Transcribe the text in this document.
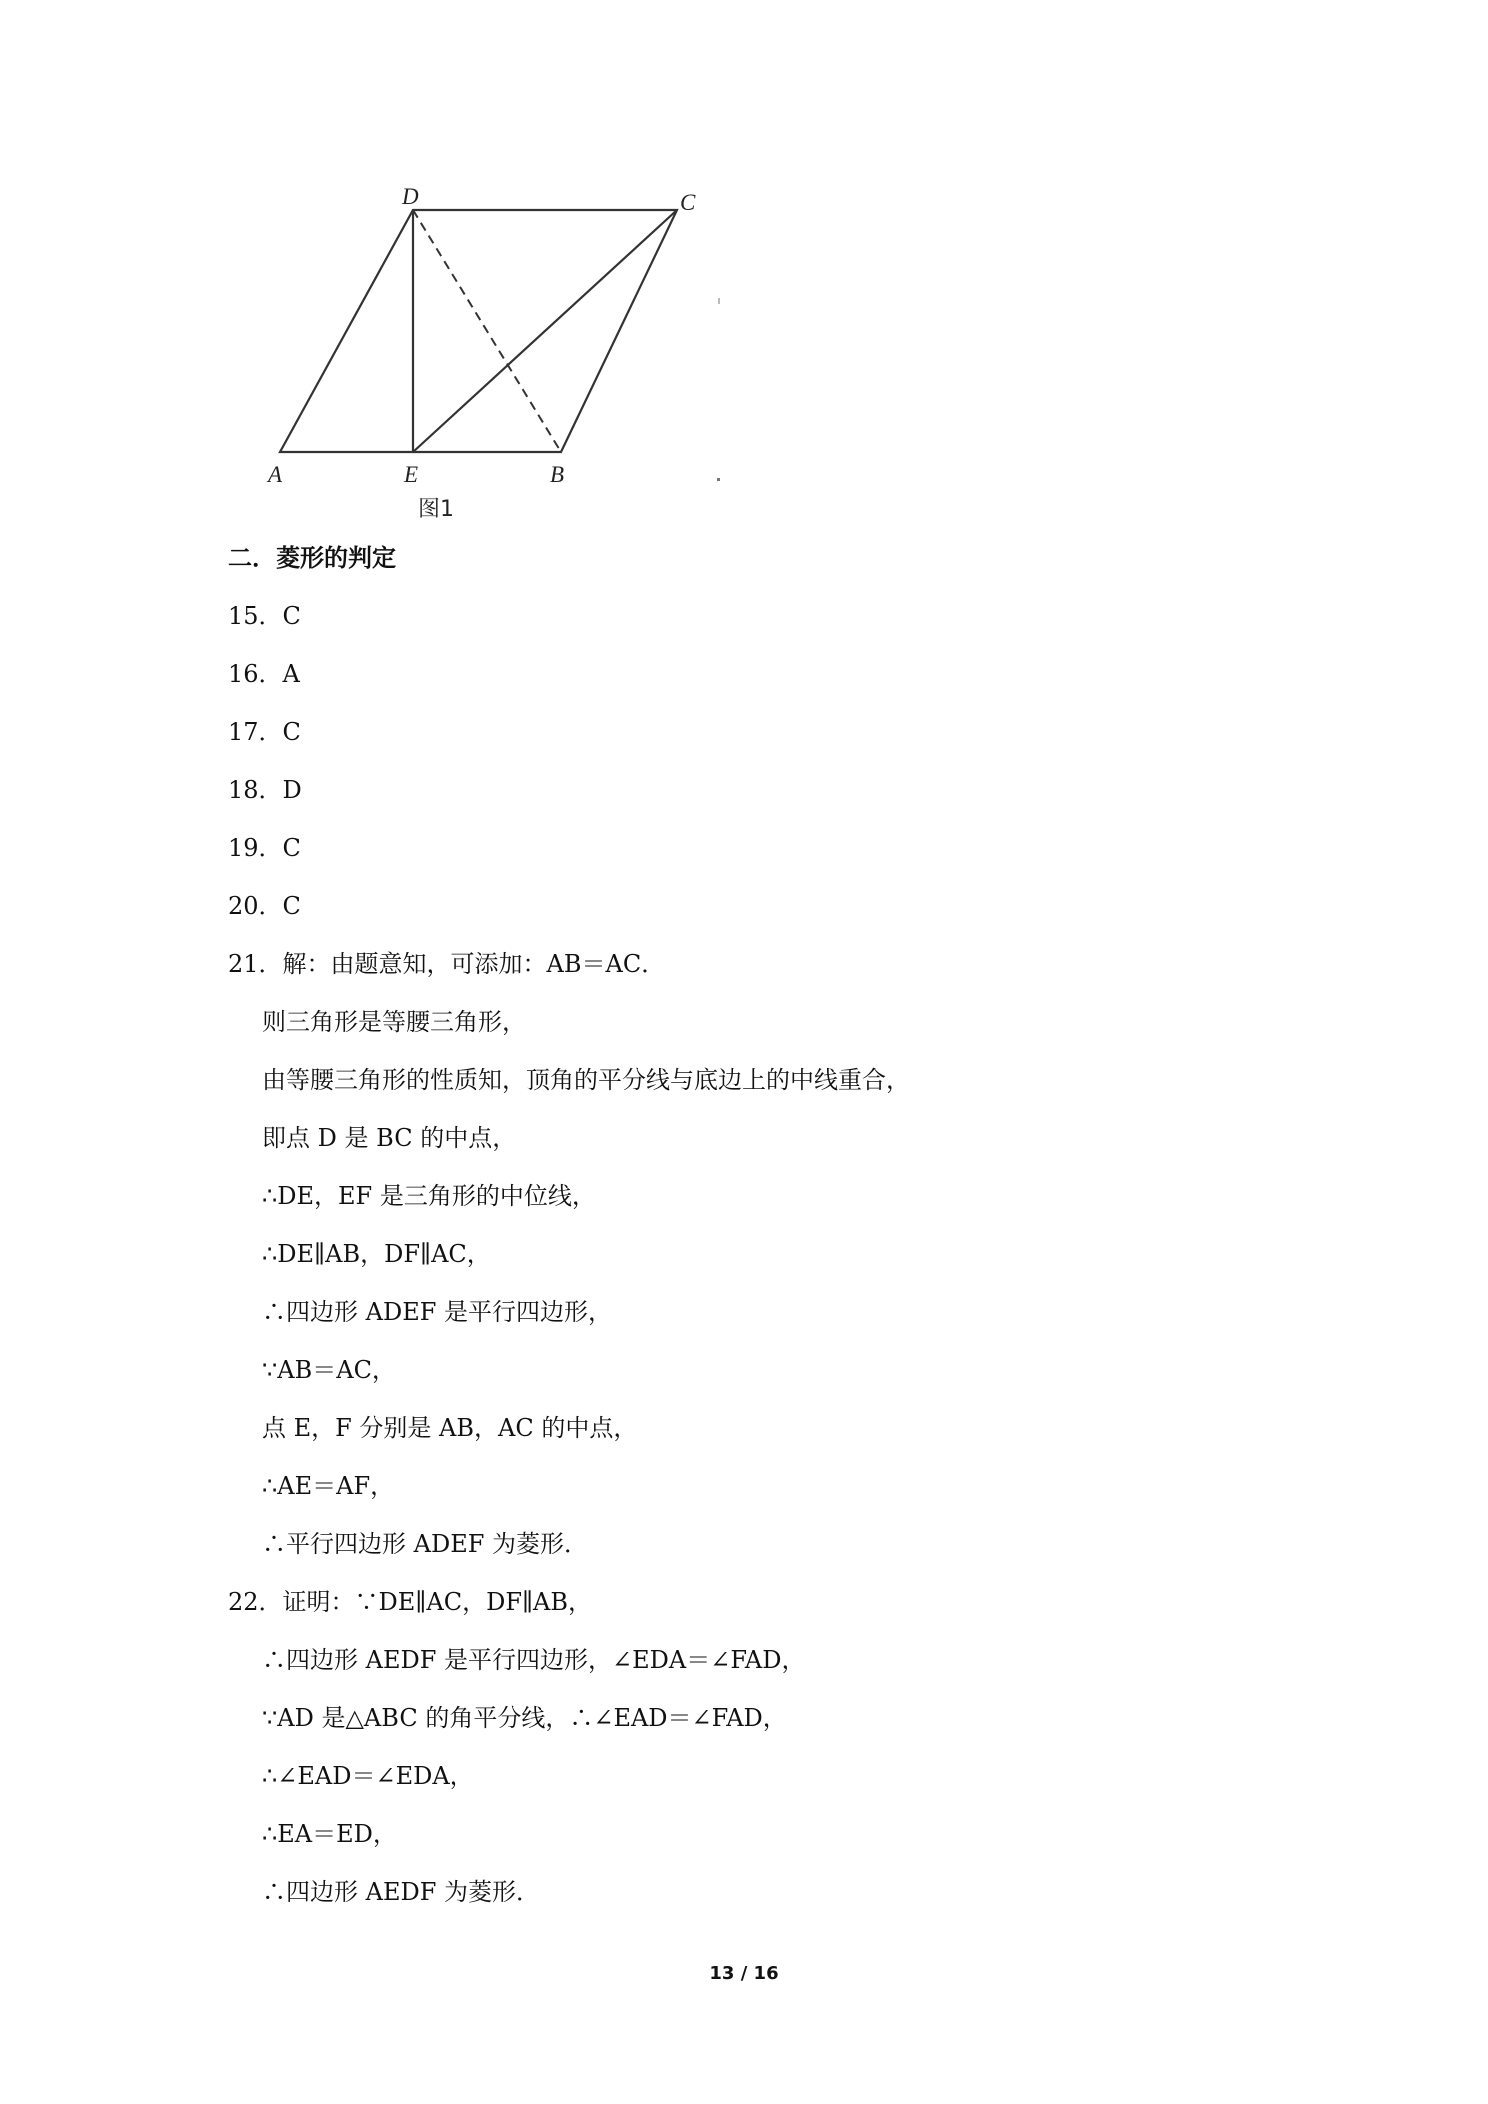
D	C
A	E	B
图1
二．菱形的判定
15．C
16．A
17．C
18．D
19．C
20．C
21．解：由题意知，可添加：AB＝AC．
则三角形是等腰三角形，
由等腰三角形的性质知，顶角的平分线与底边上的中线重合，
即点 D 是 BC 的中点，
∴DE，EF 是三角形的中位线，
∴DE∥AB，DF∥AC，
∴四边形 ADEF 是平行四边形，
∵AB＝AC，
点 E，F 分别是 AB，AC 的中点，
∴AE＝AF，
∴平行四边形 ADEF 为菱形．
22．证明：∵DE∥AC，DF∥AB，
∴四边形 AEDF 是平行四边形，∠EDA＝∠FAD，
∵AD 是△ABC 的角平分线，∴∠EAD＝∠FAD，
∴∠EAD＝∠EDA，
∴EA＝ED，
∴四边形 AEDF 为菱形．
13 / 16
